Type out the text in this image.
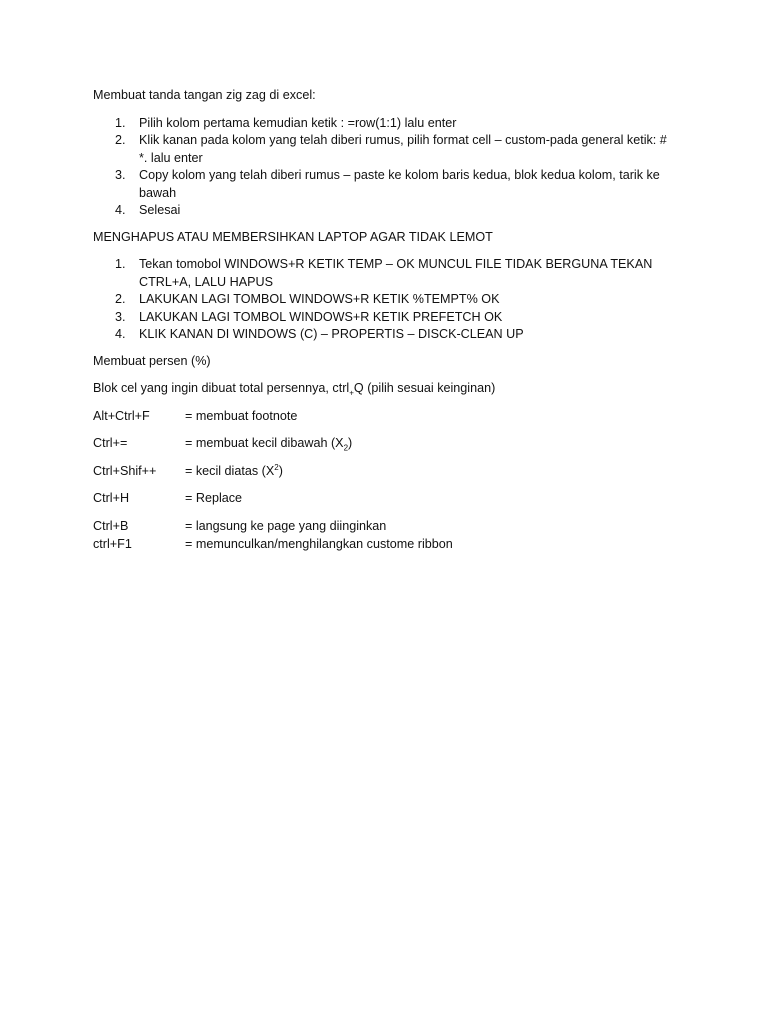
Membuat tanda tangan zig zag di excel:

1. Pilih kolom pertama kemudian ketik : =row(1:1) lalu enter
2. Klik kanan pada kolom yang telah diberi rumus, pilih format cell – custom-pada general ketik: # *. lalu enter
3. Copy kolom yang telah diberi rumus – paste ke kolom baris kedua, blok kedua kolom, tarik ke bawah
4. Selesai

MENGHAPUS ATAU MEMBERSIHKAN LAPTOP AGAR TIDAK LEMOT

1. Tekan tomobol WINDOWS+R KETIK TEMP – OK MUNCUL FILE TIDAK BERGUNA TEKAN CTRL+A, LALU HAPUS
2. LAKUKAN LAGI TOMBOL WINDOWS+R KETIK %TEMPT% OK
3. LAKUKAN LAGI TOMBOL WINDOWS+R KETIK PREFETCH OK
4. KLIK KANAN DI WINDOWS (C) – PROPERTIS – DISCK-CLEAN UP

Membuat persen (%)

Blok cel yang ingin dibuat total persennya, ctrl$_+$Q (pilih sesuai keinginan)

Alt+Ctrl+F	= membuat footnote
Ctrl+=	= membuat kecil dibawah $(X_2)$
Ctrl+Shif++	= kecil diatas $(X^2)$
Ctrl+H	= Replace
Ctrl+B	= langsung ke page yang diinginkan
ctrl+F1	= memunculkan/menghilangkan custome ribbon
